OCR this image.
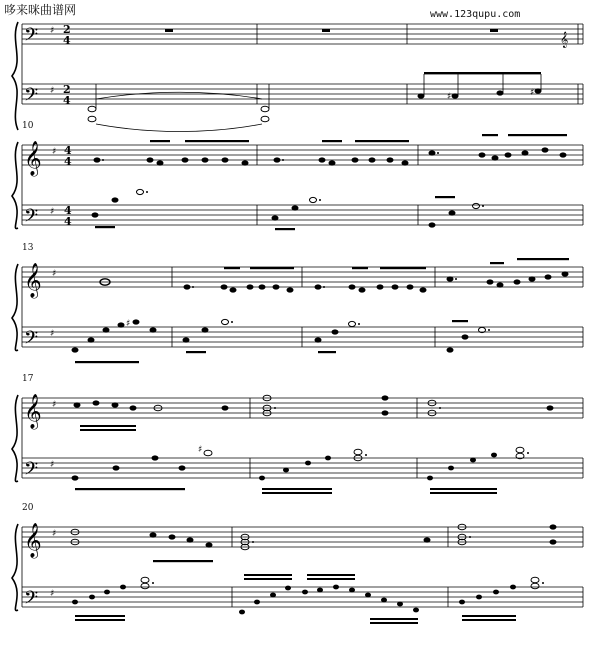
哆来咪曲谱网	www.123qupu.com
10
13
17
20
𝄢
𝄢
♯
♯
2
4
2
4
𝄞
♯	♯
𝄞
𝄢
♯
♯
4
4
4
4
𝄞
𝄢
♯
♯
♯
𝄞
𝄢
♯
♯
♯
𝄞
𝄢
♯
♯
